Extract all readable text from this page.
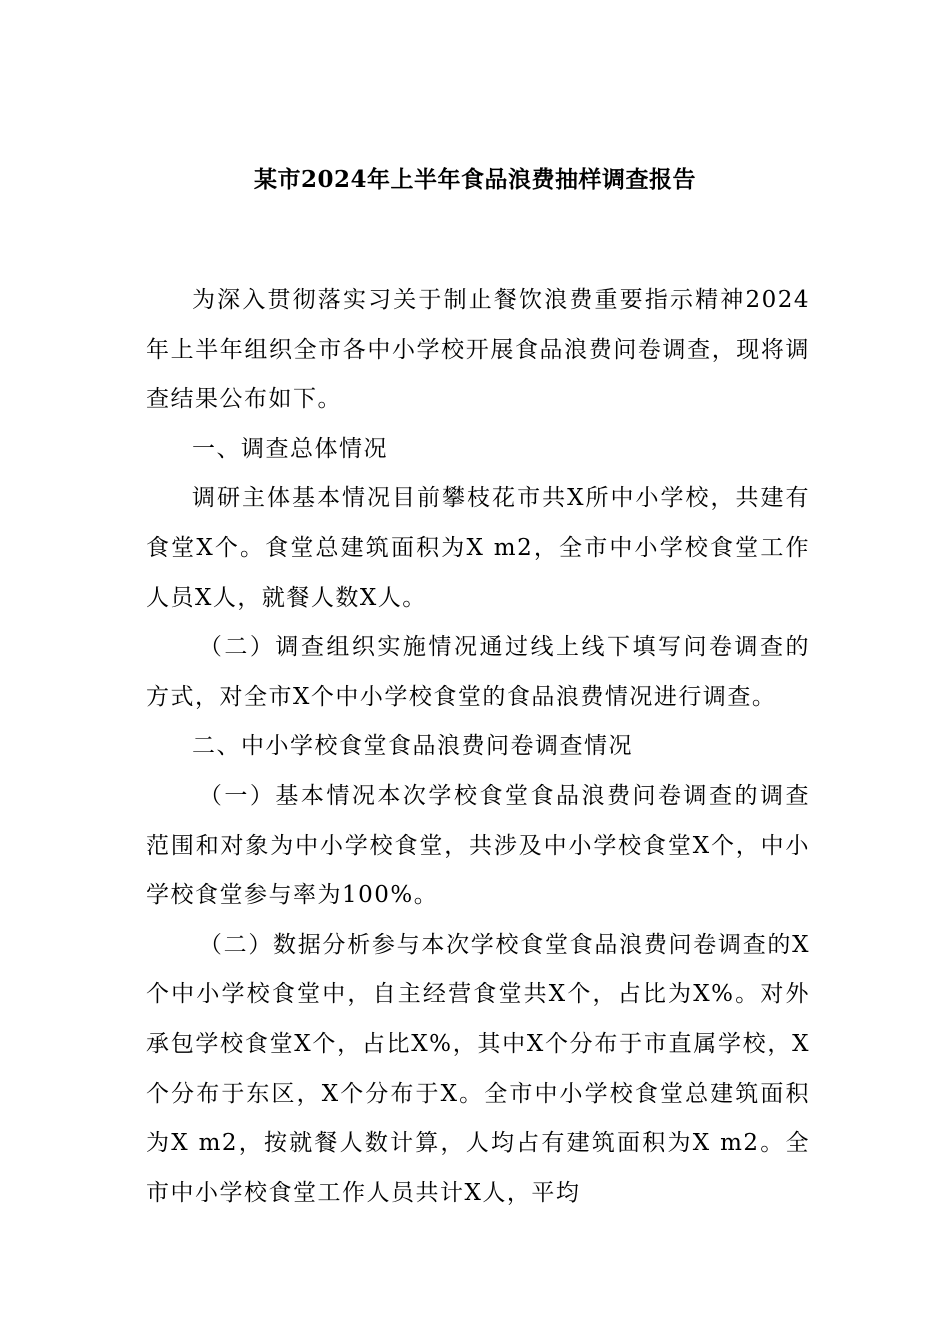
某市2024年上半年食品浪费抽样调查报告

为深入贯彻落实习关于制止餐饮浪费重要指示精神2024年上半年组织全市各中小学校开展食品浪费问卷调查，现将调查结果公布如下。

一、调查总体情况

调研主体基本情况目前攀枝花市共X所中小学校，共建有食堂X个。食堂总建筑面积为X m2，全市中小学校食堂工作人员X人，就餐人数X人。

（二）调查组织实施情况通过线上线下填写问卷调查的方式，对全市X个中小学校食堂的食品浪费情况进行调查。

二、中小学校食堂食品浪费问卷调查情况

（一）基本情况本次学校食堂食品浪费问卷调查的调查范围和对象为中小学校食堂，共涉及中小学校食堂X个，中小学校食堂参与率为100%。

（二）数据分析参与本次学校食堂食品浪费问卷调查的X个中小学校食堂中，自主经营食堂共X个，占比为X%。对外承包学校食堂X个，占比X%，其中X个分布于市直属学校，X个分布于东区，X个分布于X。全市中小学校食堂总建筑面积为X m2，按就餐人数计算，人均占有建筑面积为X m2。全市中小学校食堂工作人员共计X人，平均
